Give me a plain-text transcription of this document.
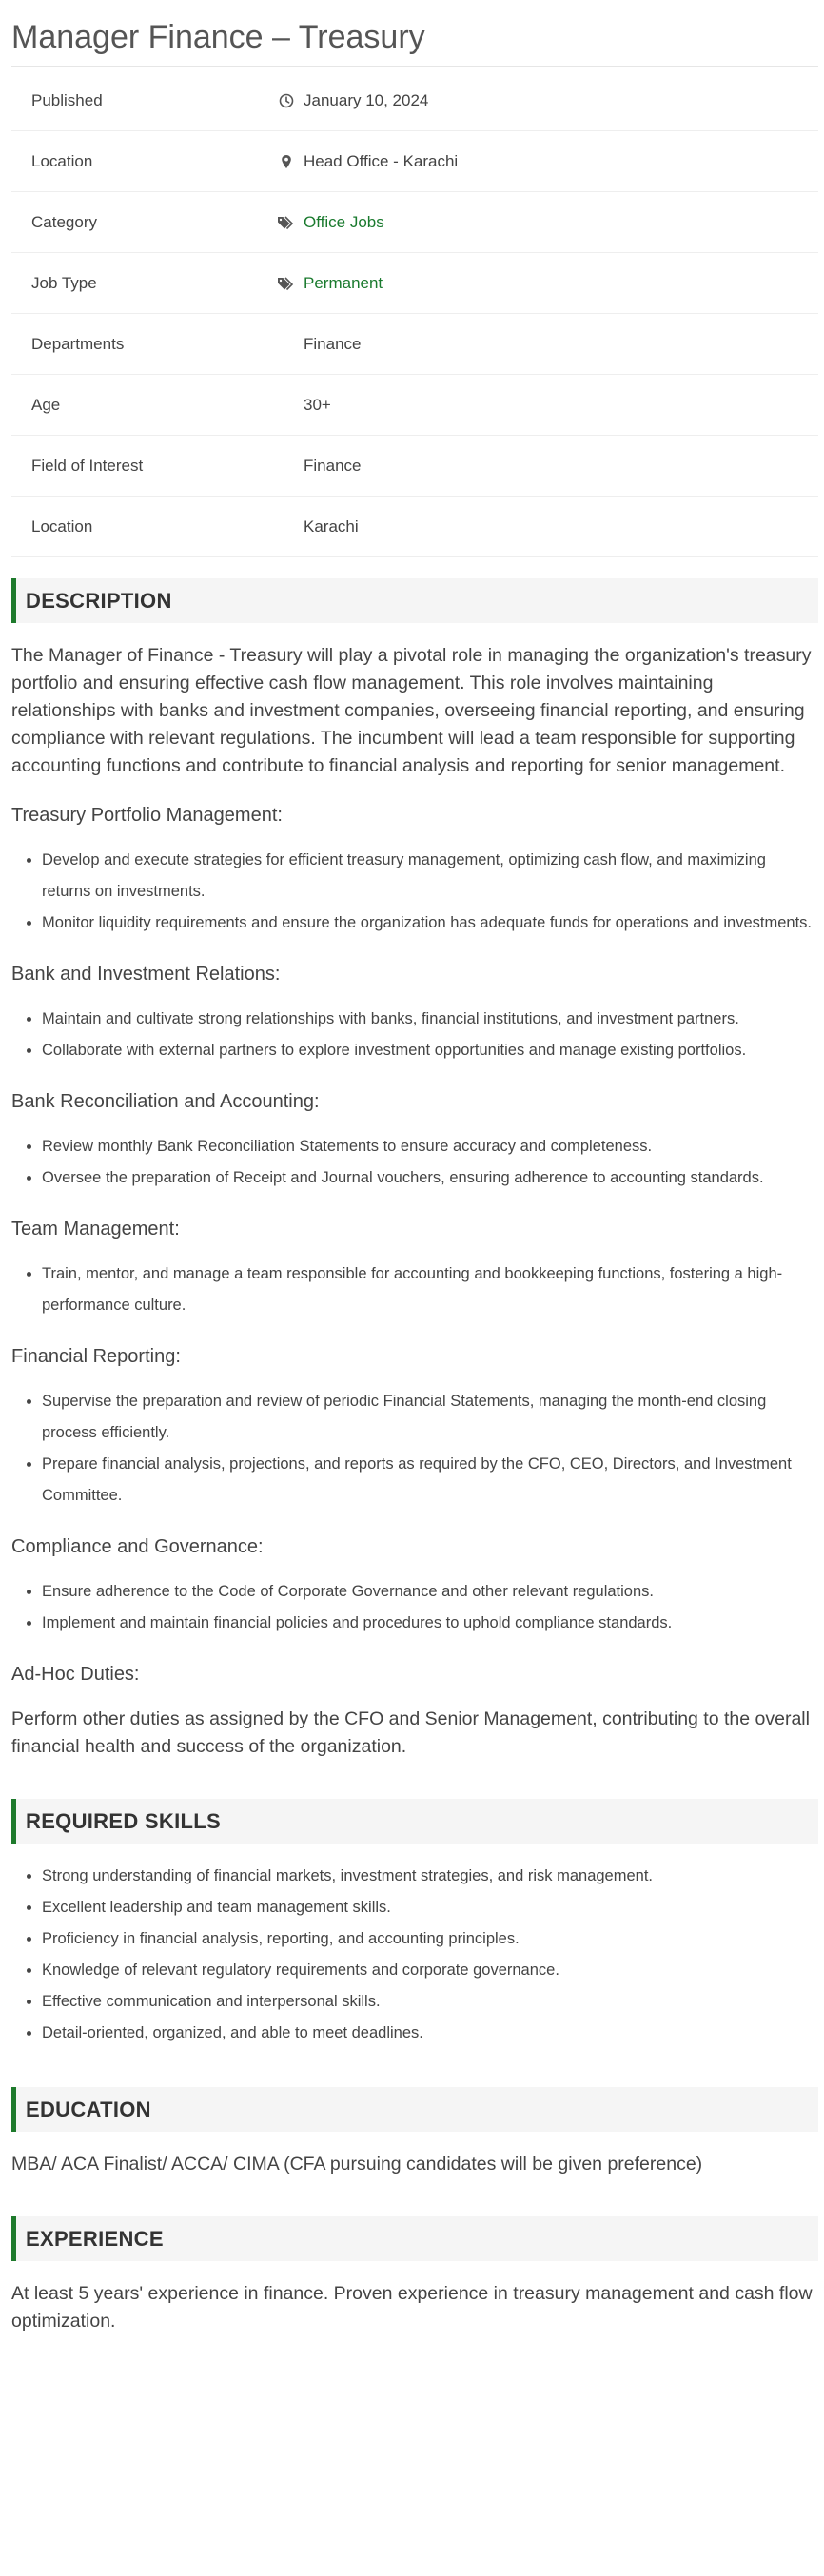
Manager Finance – Treasury
Published	January 10, 2024
Location	Head Office - Karachi
Category	Office Jobs
Job Type	Permanent
Departments	Finance
Age	30+
Field of Interest	Finance
Location	Karachi
DESCRIPTION

The Manager of Finance - Treasury will play a pivotal role in managing the organization's treasury portfolio and ensuring effective cash flow management. This role involves maintaining relationships with banks and investment companies, overseeing financial reporting, and ensuring compliance with relevant regulations. The incumbent will lead a team responsible for supporting accounting functions and contribute to financial analysis and reporting for senior management.

Treasury Portfolio Management:
• Develop and execute strategies for efficient treasury management, optimizing cash flow, and maximizing returns on investments.
• Monitor liquidity requirements and ensure the organization has adequate funds for operations and investments.
Bank and Investment Relations:
• Maintain and cultivate strong relationships with banks, financial institutions, and investment partners.
• Collaborate with external partners to explore investment opportunities and manage existing portfolios.
Bank Reconciliation and Accounting:
• Review monthly Bank Reconciliation Statements to ensure accuracy and completeness.
• Oversee the preparation of Receipt and Journal vouchers, ensuring adherence to accounting standards.
Team Management:
• Train, mentor, and manage a team responsible for accounting and bookkeeping functions, fostering a high-performance culture.
Financial Reporting:
• Supervise the preparation and review of periodic Financial Statements, managing the month-end closing process efficiently.
• Prepare financial analysis, projections, and reports as required by the CFO, CEO, Directors, and Investment Committee.
Compliance and Governance:
• Ensure adherence to the Code of Corporate Governance and other relevant regulations.
• Implement and maintain financial policies and procedures to uphold compliance standards.
Ad-Hoc Duties:

Perform other duties as assigned by the CFO and Senior Management, contributing to the overall financial health and success of the organization.

REQUIRED SKILLS
• Strong understanding of financial markets, investment strategies, and risk management.
• Excellent leadership and team management skills.
• Proficiency in financial analysis, reporting, and accounting principles.
• Knowledge of relevant regulatory requirements and corporate governance.
• Effective communication and interpersonal skills.
• Detail-oriented, organized, and able to meet deadlines.
EDUCATION

MBA/ ACA Finalist/ ACCA/ CIMA (CFA pursuing candidates will be given preference)

EXPERIENCE

At least 5 years' experience in finance. Proven experience in treasury management and cash flow optimization.
